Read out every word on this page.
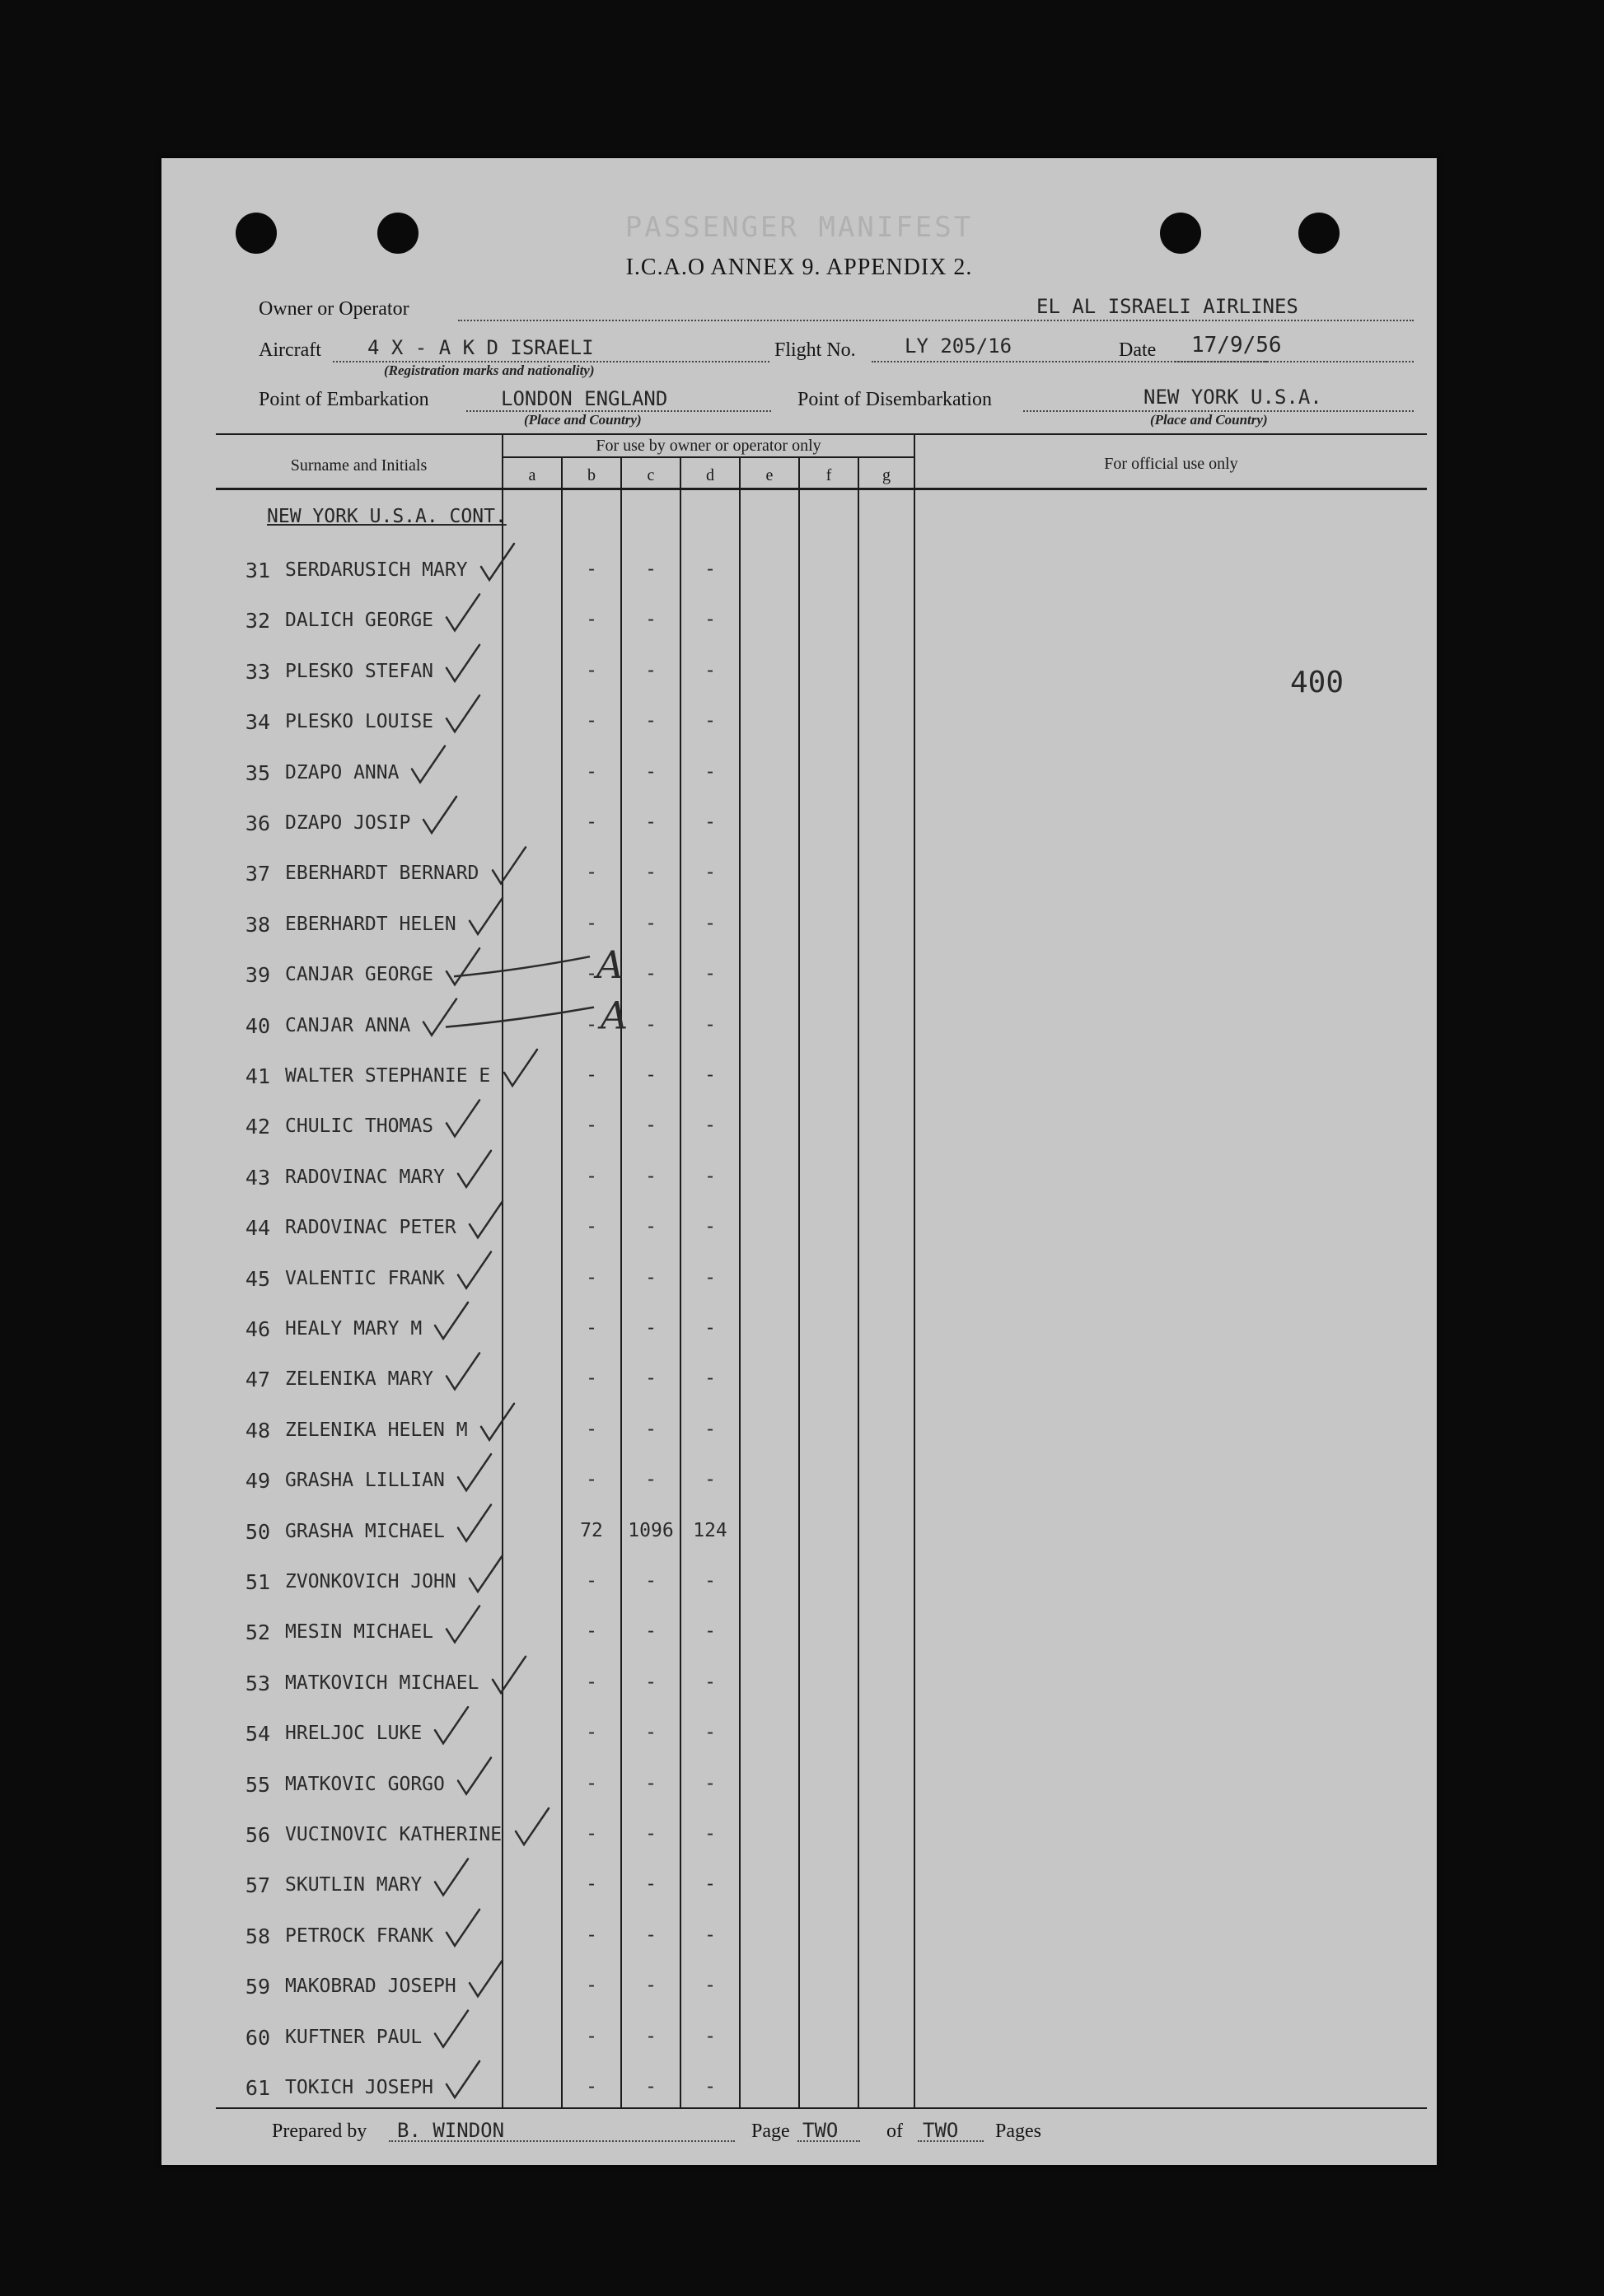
PASSENGER MANIFEST
I.C.A.O ANNEX 9. APPENDIX 2.
Owner or Operator	EL AL ISRAELI AIRLINES
Aircraft 4 X - A K D ISRAELI
(Registration marks and nationality)
Flight No. LY 205/16	Date 17/9/56
Point of Embarkation	LONDON ENGLAND
(Place and Country)
Point of Disembarkation	NEW YORK U.S.A.
(Place and Country)
Surname and Initials
For use by owner or operator only
a	b	c	d	e	f	g
For official use only
NEW YORK U.S.A. CONT.
400
31 SERDARUSICH MARY	-	-	-
32 DALICH GEORGE	-	-	-
33 PLESKO STEFAN	-	-	-
34 PLESKO LOUISE	-	-	-
35 DZAPO ANNA	-	-	-
36 DZAPO JOSIP	-	-	-
37 EBERHARDT BERNARD	-	-	-
38 EBERHARDT HELEN	-	-	-
39 CANJAR GEORGE	-	-	-
40 CANJAR ANNA	-	-	-
41 WALTER STEPHANIE E	-	-	-
42 CHULIC THOMAS	-	-	-
43 RADOVINAC MARY	-	-	-
44 RADOVINAC PETER	-	-	-
45 VALENTIC FRANK	-	-	-
46 HEALY MARY M	-	-	-
47 ZELENIKA MARY	-	-	-
48 ZELENIKA HELEN M	-	-	-
49 GRASHA LILLIAN	-	-	-
50 GRASHA MICHAEL	72	1096	124
51 ZVONKOVICH JOHN	-	-	-
52 MESIN MICHAEL	-	-	-
53 MATKOVICH MICHAEL	-	-	-
54 HRELJOC LUKE	-	-	-
55 MATKOVIC GORGO	-	-	-
56 VUCINOVIC KATHERINE	-	-	-
57 SKUTLIN MARY	-	-	-
58 PETROCK FRANK	-	-	-
59 MAKOBRAD JOSEPH	-	-	-
60 KUFTNER PAUL	-	-	-
61 TOKICH JOSEPH	-	-	-
A
A
Prepared by B. WINDON	Page TWO of TWO Pages
